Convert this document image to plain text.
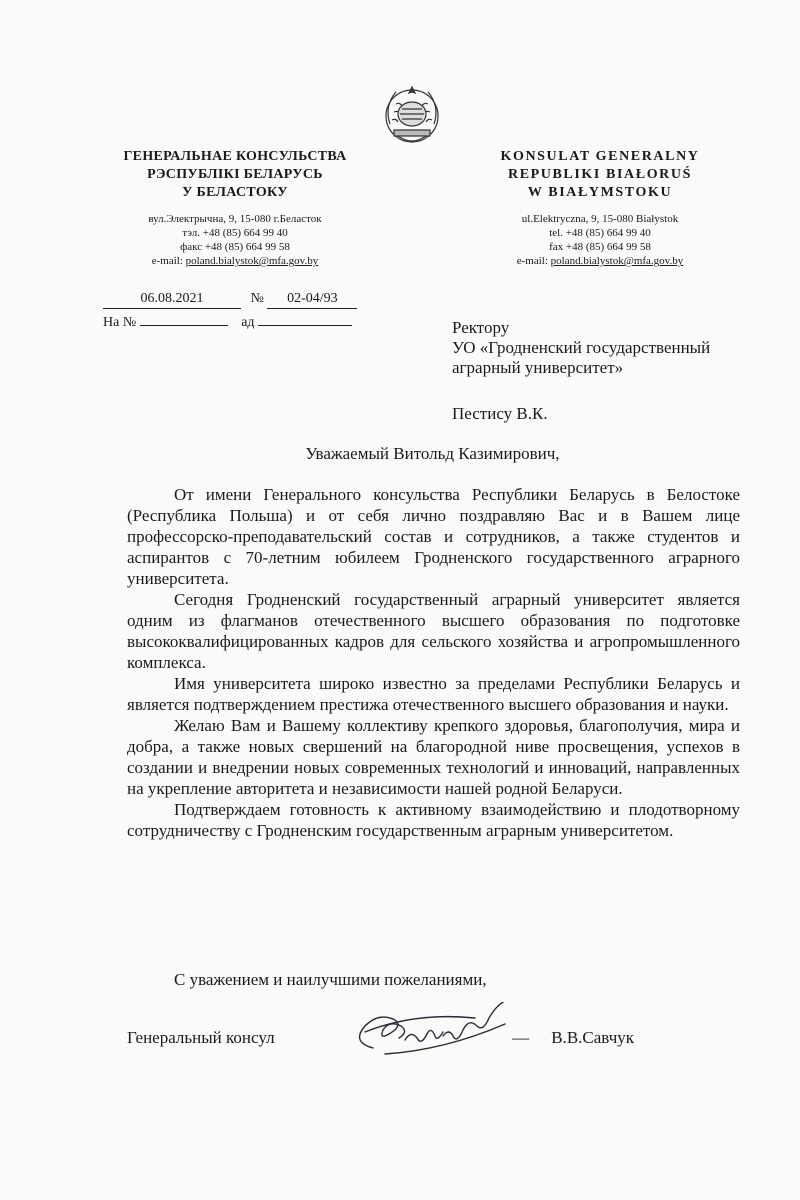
ГЕНЕРАЛЬНАЕ КОНСУЛЬСТВА
РЭСПУБЛІКІ БЕЛАРУСЬ
У БЕЛАСТОКУ
вул.Электрычна, 9, 15-080 г.Беласток
тэл. +48 (85) 664 99 40
факс +48 (85) 664 99 58
e-mail: poland.bialystok@mfa.gov.by
KONSULAT GENERALNY
REPUBLIKI BIAŁORUŚ
W BIAŁYMSTOKU
ul.Elektryczna, 9, 15-080 Białystok
tel. +48 (85) 664 99 40
fax +48 (85) 664 99 58
e-mail: poland.bialystok@mfa.gov.by
06.08.2021	№ 02-04/93
На №	ад	Ректору
УО «Гродненский государственный
аграрный университет»
Пестису В.К.
Уважаемый Витольд Казимирович,

От имени Генерального консульства Республики Беларусь в Белостоке (Республика Польша) и от себя лично поздравляю Вас и в Вашем лице профессорско-преподавательский состав и сотрудников, а также студентов и аспирантов с 70-летним юбилеем Гродненского государственного аграрного университета.

Сегодня Гродненский государственный аграрный университет является одним из флагманов отечественного высшего образования по подготовке высококвалифицированных кадров для сельского хозяйства и агропромышленного комплекса.

Имя университета широко известно за пределами Республики Беларусь и является подтверждением престижа отечественного высшего образования и науки.

Желаю Вам и Вашему коллективу крепкого здоровья, благополучия, мира и добра, а также новых свершений на благородной ниве просвещения, успехов в создании и внедрении новых современных технологий и инноваций, направленных на укрепление авторитета и независимости нашей родной Беларуси.

Подтверждаем готовность к активному взаимодействию и плодотворному сотрудничеству с Гродненским государственным аграрным университетом.

С уважением и наилучшими пожеланиями,
Генеральный консул	— В.В.Савчук
